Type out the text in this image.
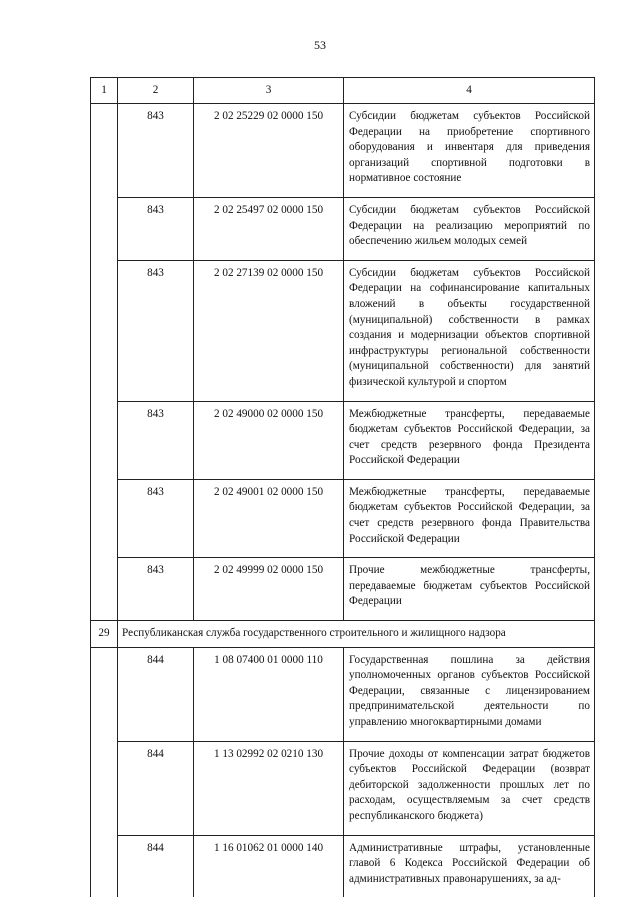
53
1	2	3	4
	843	2 02 25229 02 0000 150	Субсидии бюджетам субъектов Российской Федерации на приобретение спортивного оборудования и инвентаря для приведения организаций спортивной подготовки в нормативное состояние
	843	2 02 25497 02 0000 150	Субсидии бюджетам субъектов Российской Федерации на реализацию мероприятий по обеспечению жильем молодых семей
	843	2 02 27139 02 0000 150	Субсидии бюджетам субъектов Российской Федерации на софинансирование капитальных вложений в объекты государственной (муниципальной) собственности в рамках создания и модернизации объектов спортивной инфраструктуры региональной собственности (муниципальной собственности) для занятий физической культурой и спортом
	843	2 02 49000 02 0000 150	Межбюджетные трансферты, передаваемые бюджетам субъектов Российской Федерации, за счет средств резервного фонда Президента Российской Федерации
	843	2 02 49001 02 0000 150	Межбюджетные трансферты, передаваемые бюджетам субъектов Российской Федерации, за счет средств резервного фонда Правительства Российской Федерации
	843	2 02 49999 02 0000 150	Прочие межбюджетные трансферты, передаваемые бюджетам субъектов Российской Федерации
29	Республиканская служба государственного строительного и жилищного надзора		
	844	1 08 07400 01 0000 110	Государственная пошлина за действия уполномоченных органов субъектов Российской Федерации, связанные с лицензированием предпринимательской деятельности по управлению многоквартирными домами
	844	1 13 02992 02 0210 130	Прочие доходы от компенсации затрат бюджетов субъектов Российской Федерации (возврат дебиторской задолженности прошлых лет по расходам, осуществляемым за счет средств республиканского бюджета)
	844	1 16 01062 01 0000 140	Административные штрафы, установленные главой 6 Кодекса Российской Федерации об административных правонарушениях, за ад-
